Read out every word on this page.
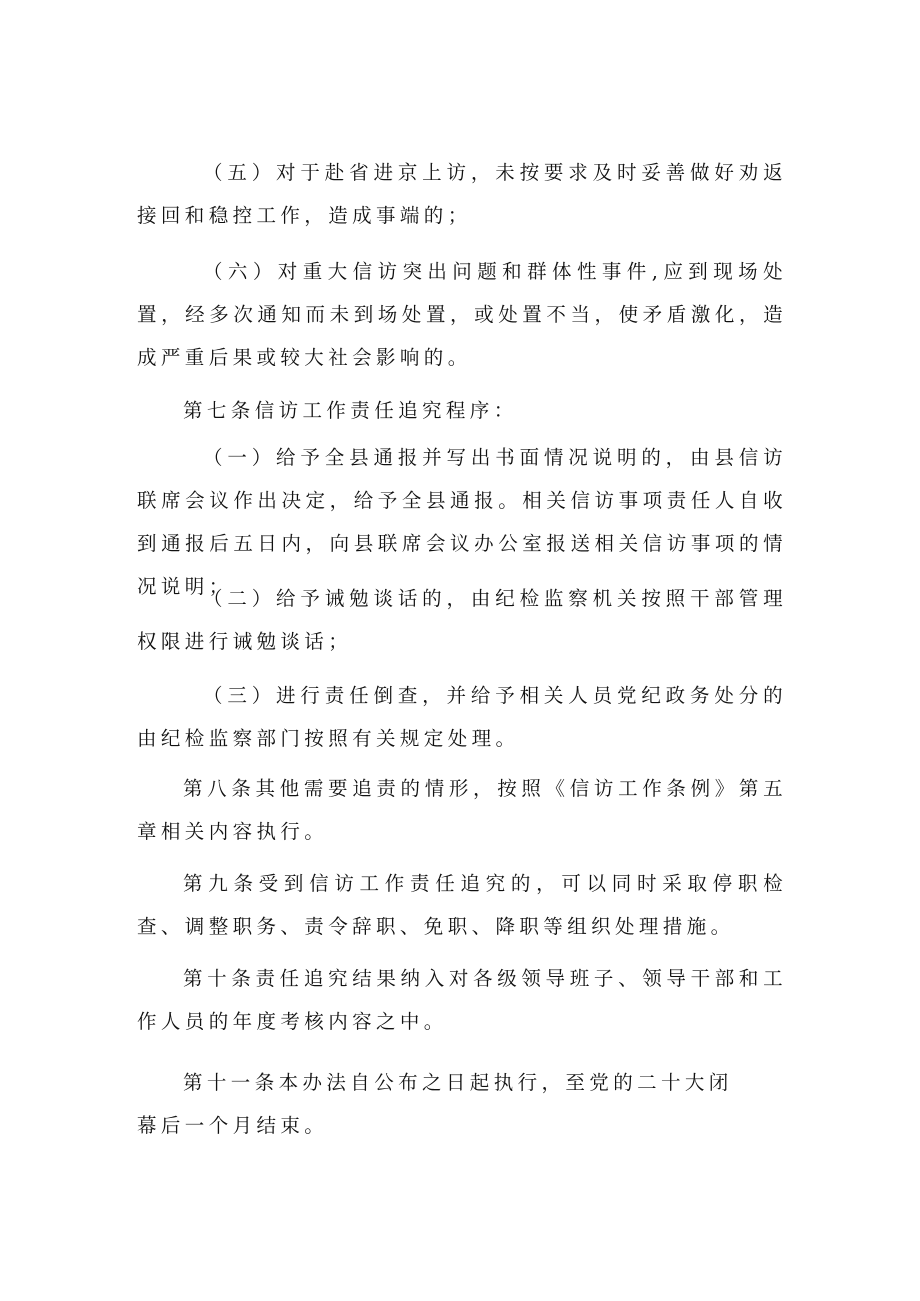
（五）对于赴省进京上访，未按要求及时妥善做好劝返接回和稳控工作，造成事端的；

（六）对重大信访突出问题和群体性事件,应到现场处置，经多次通知而未到场处置，或处置不当，使矛盾激化，造成严重后果或较大社会影响的。

第七条信访工作责任追究程序：

（一）给予全县通报并写出书面情况说明的，由县信访联席会议作出决定，给予全县通报。相关信访事项责任人自收到通报后五日内，向县联席会议办公室报送相关信访事项的情况说明；

（二）给予诫勉谈话的，由纪检监察机关按照干部管理权限进行诫勉谈话；

（三）进行责任倒查，并给予相关人员党纪政务处分的由纪检监察部门按照有关规定处理。

第八条其他需要追责的情形，按照《信访工作条例》第五章相关内容执行。

第九条受到信访工作责任追究的，可以同时采取停职检查、调整职务、责令辞职、免职、降职等组织处理措施。

第十条责任追究结果纳入对各级领导班子、领导干部和工作人员的年度考核内容之中。

第十一条本办法自公布之日起执行，至党的二十大闭幕后一个月结束。
